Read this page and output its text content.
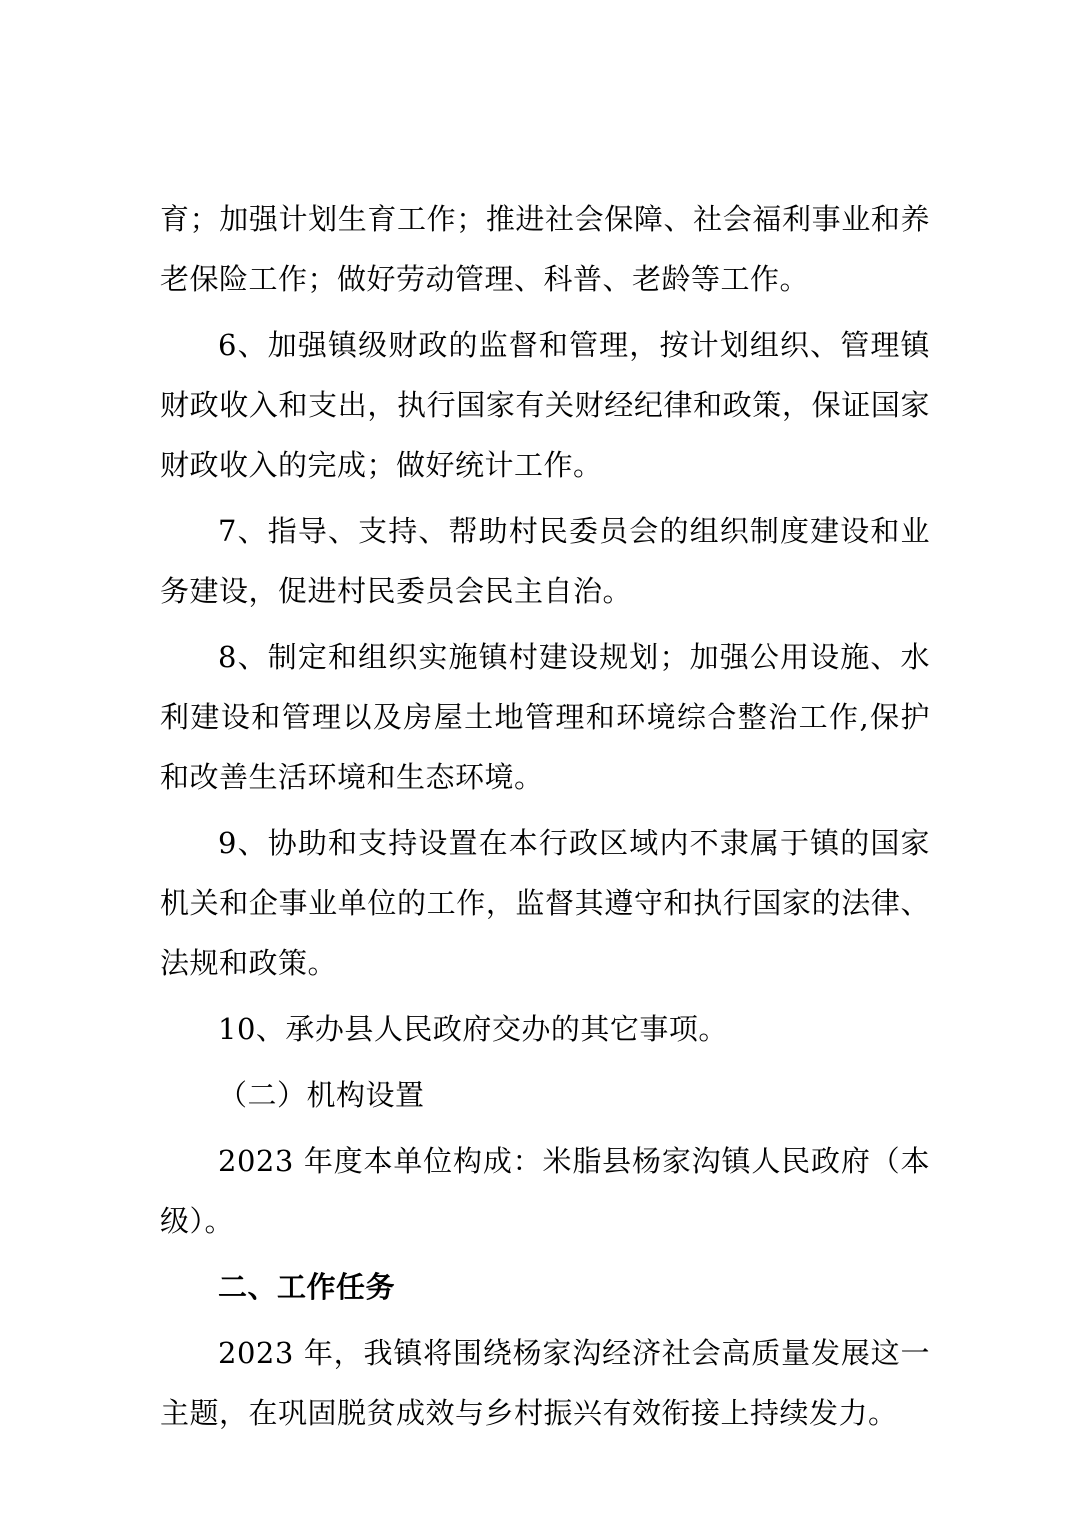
育；加强计划生育工作；推进社会保障、社会福利事业和养老保险工作；做好劳动管理、科普、老龄等工作。

6、加强镇级财政的监督和管理，按计划组织、管理镇财政收入和支出，执行国家有关财经纪律和政策，保证国家财政收入的完成；做好统计工作。

7、指导、支持、帮助村民委员会的组织制度建设和业务建设，促进村民委员会民主自治。

8、制定和组织实施镇村建设规划；加强公用设施、水利建设和管理以及房屋土地管理和环境综合整治工作,保护和改善生活环境和生态环境。

9、协助和支持设置在本行政区域内不隶属于镇的国家机关和企事业单位的工作，监督其遵守和执行国家的法律、法规和政策。

10、承办县人民政府交办的其它事项。

（二）机构设置

2023 年度本单位构成：米脂县杨家沟镇人民政府（本级）。

二、工作任务

2023 年，我镇将围绕杨家沟经济社会高质量发展这一主题，在巩固脱贫成效与乡村振兴有效衔接上持续发力。
